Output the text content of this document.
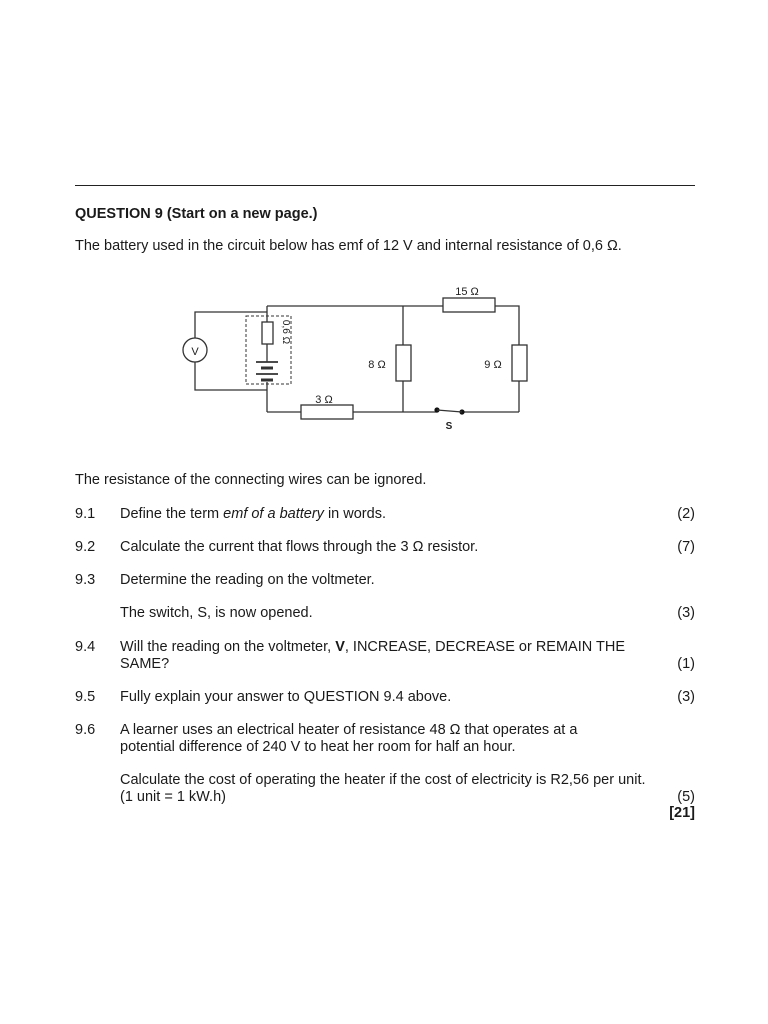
QUESTION 9 (Start on a new page.)
The battery used in the circuit below has emf of 12 V and internal resistance of 0,6 Ω.
V
0,6 Ω
15 Ω
8 Ω	9 Ω
3 Ω
S
The resistance of the connecting wires can be ignored.
9.1 Define the term emf of a battery in words.	(2)
9.2 Calculate the current that flows through the 3 Ω resistor.	(7)
9.3 Determine the reading on the voltmeter.
The switch, S, is now opened.	(3)
9.4 Will the reading on the voltmeter, V, INCREASE, DECREASE or REMAIN THE SAME?	(1)
9.5 Fully explain your answer to QUESTION 9.4 above.	(3)
9.6 A learner uses an electrical heater of resistance 48 Ω that operates at a potential difference of 240 V to heat her room for half an hour.
Calculate the cost of operating the heater if the cost of electricity is R2,56 per unit. (1 unit = 1 kW.h)	(5)
[21]
